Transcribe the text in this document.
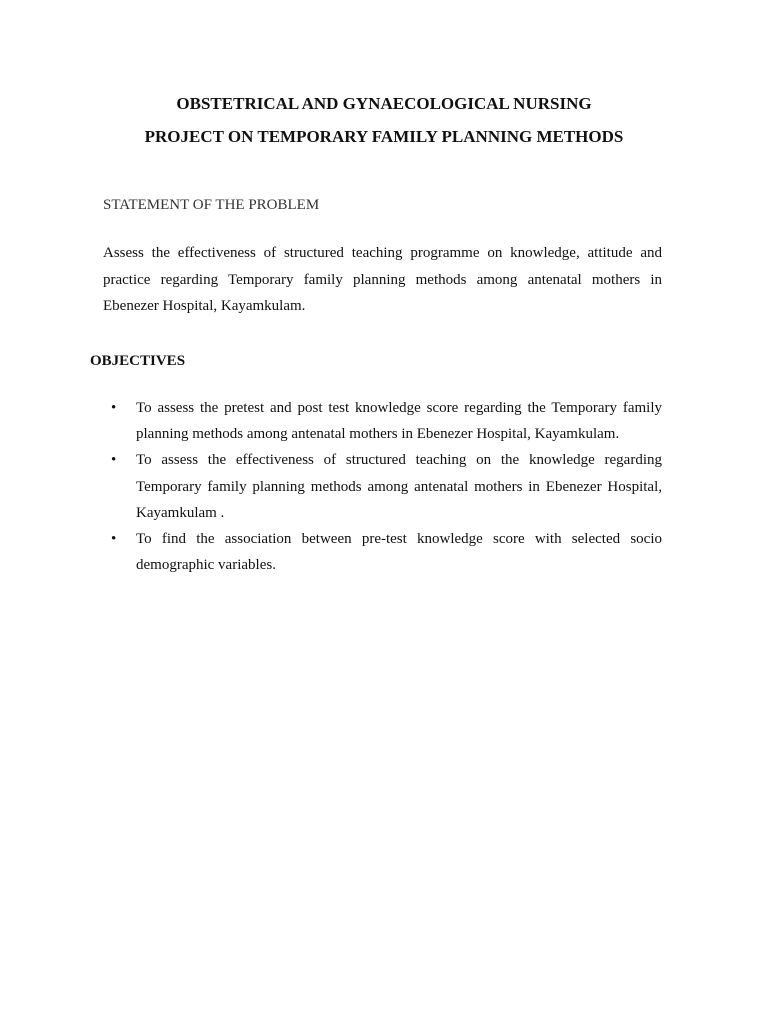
OBSTETRICAL AND GYNAECOLOGICAL NURSING
PROJECT ON TEMPORARY FAMILY PLANNING METHODS
STATEMENT OF THE PROBLEM

Assess the effectiveness of structured teaching programme on knowledge, attitude and practice regarding Temporary family planning methods among antenatal mothers in Ebenezer Hospital, Kayamkulam.

OBJECTIVES
• To assess the pretest and post test knowledge score regarding the Temporary family planning methods among antenatal mothers in Ebenezer Hospital, Kayamkulam.
• To assess the effectiveness of structured teaching on the knowledge regarding Temporary family planning methods among antenatal mothers in Ebenezer Hospital, Kayamkulam .
• To find the association between pre-test knowledge score with selected socio demographic variables.
